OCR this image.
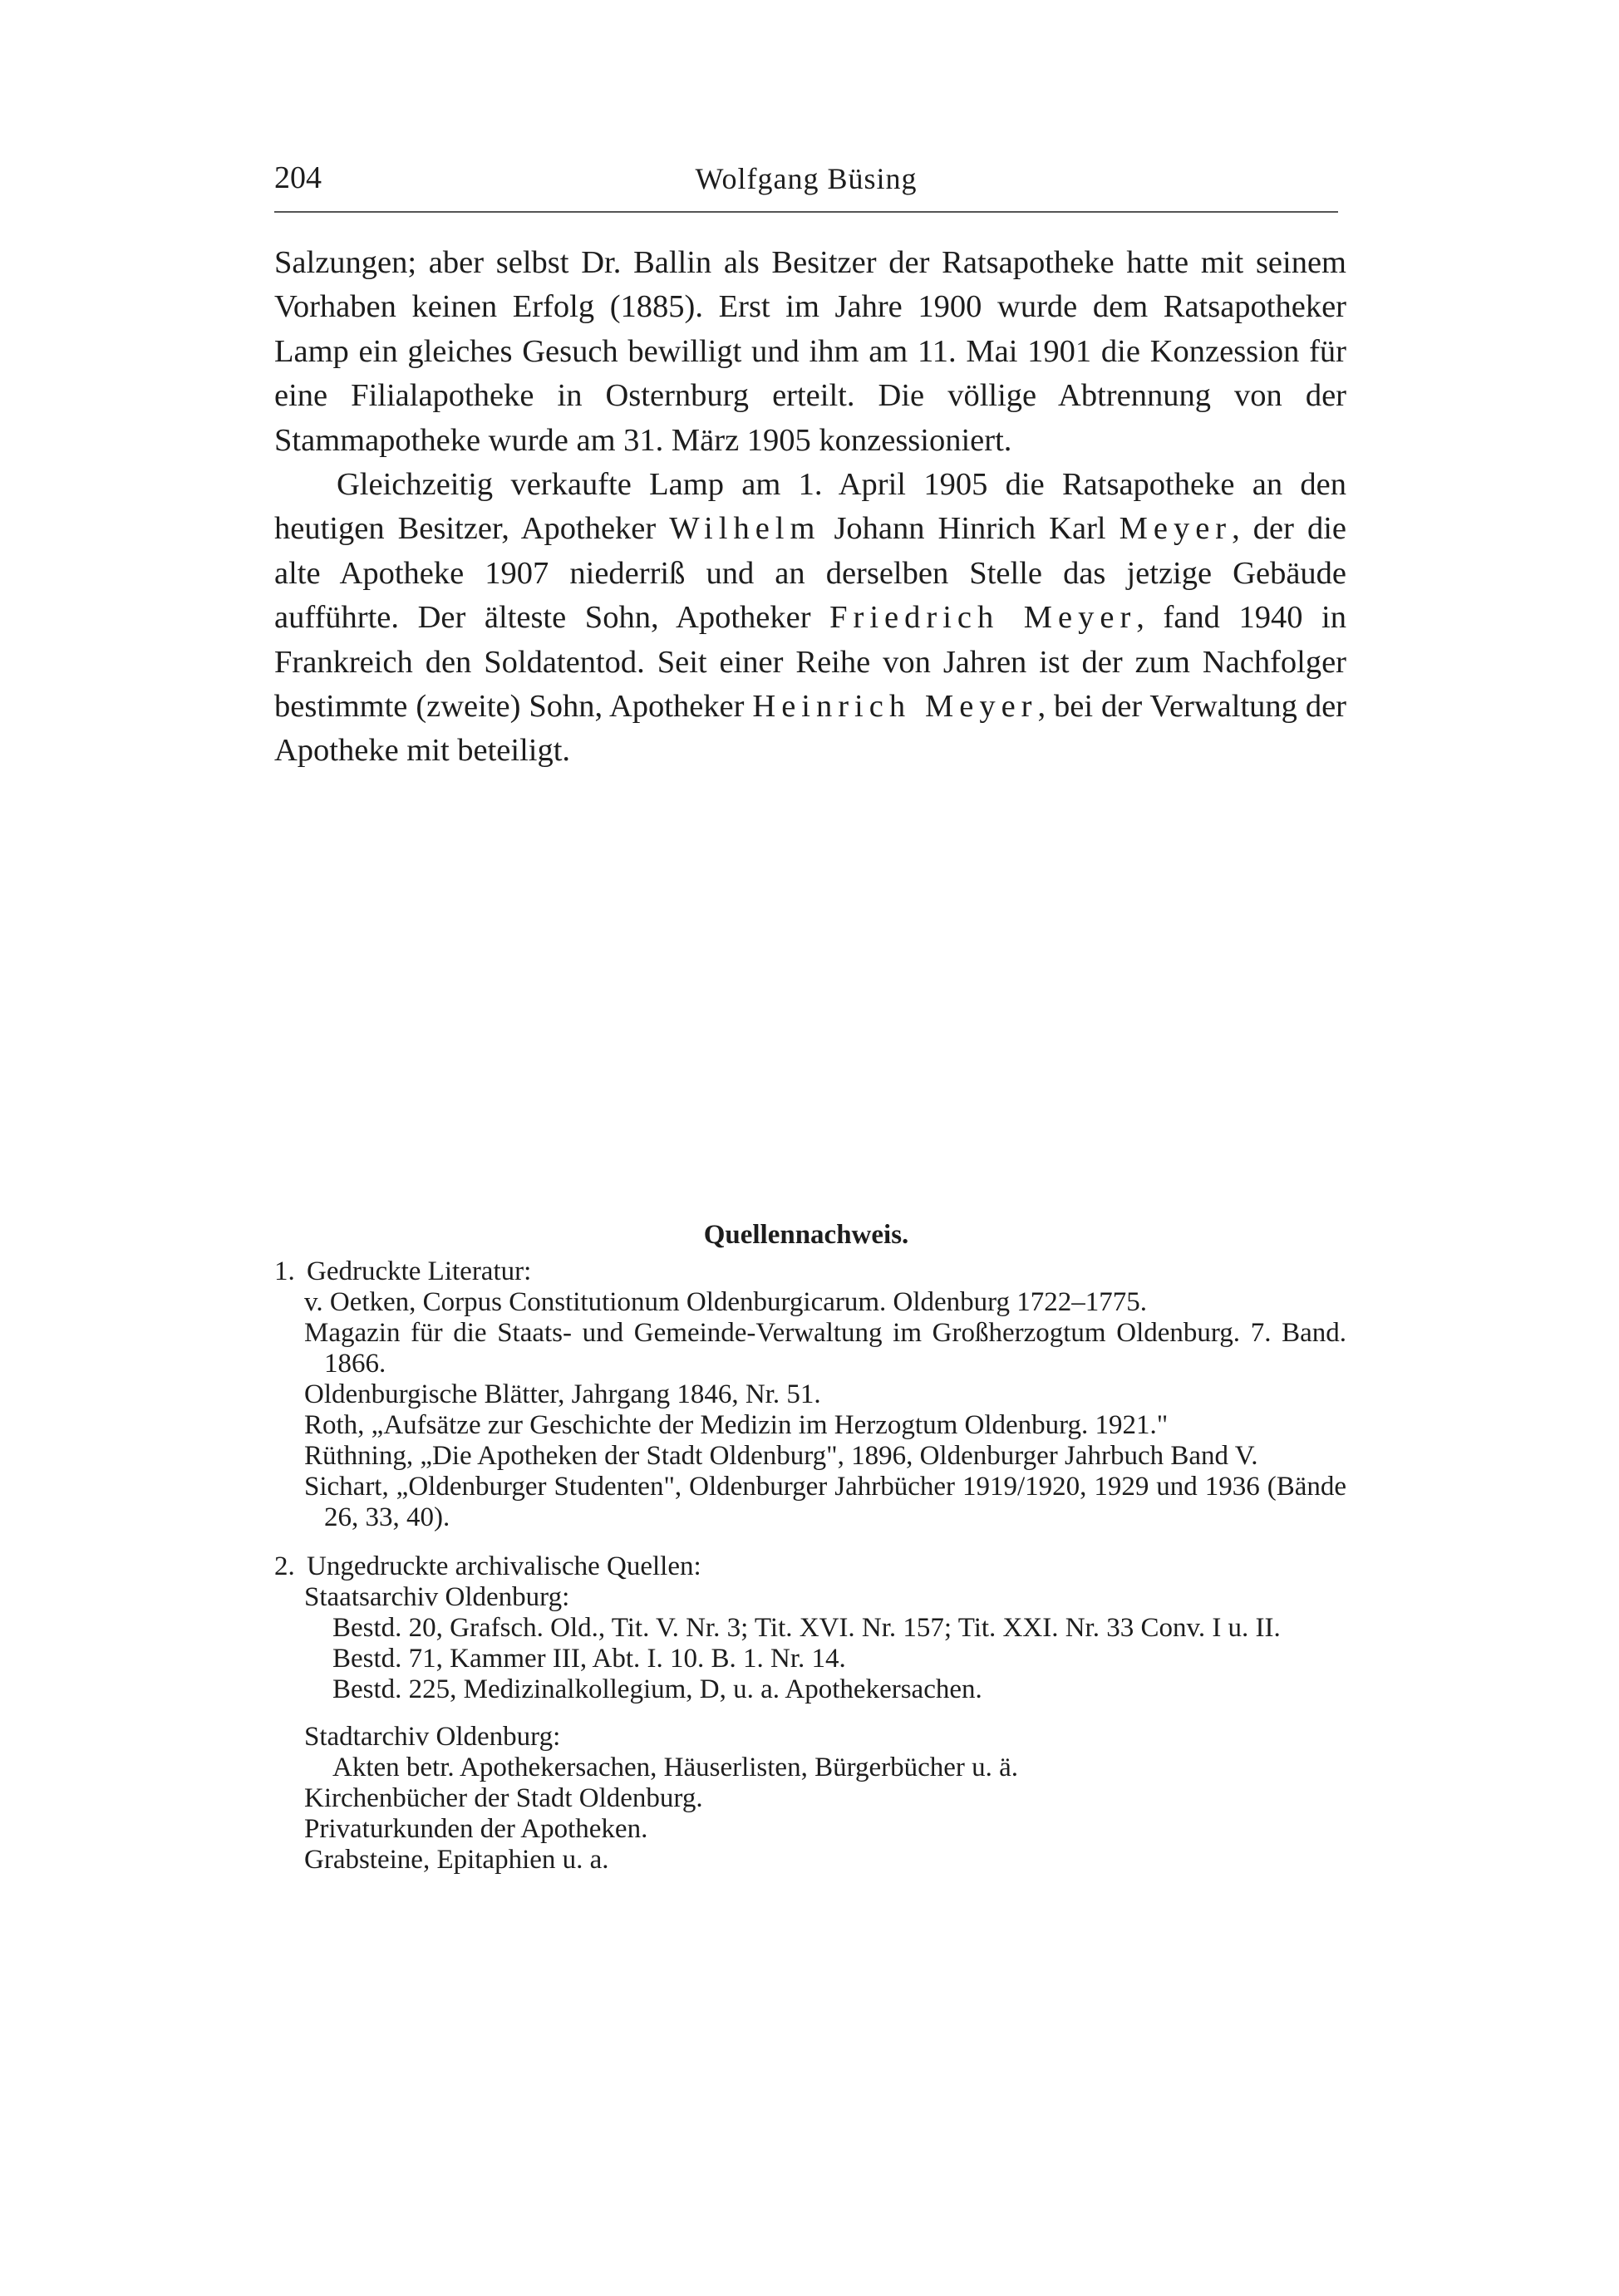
204	Wolfgang Büsing

Salzungen; aber selbst Dr. Ballin als Besitzer der Ratsapotheke hatte mit seinem Vorhaben keinen Erfolg (1885). Erst im Jahre 1900 wurde dem Ratsapotheker Lamp ein gleiches Gesuch bewilligt und ihm am 11. Mai 1901 die Konzession für eine Filialapotheke in Osternburg erteilt. Die völlige Abtrennung von der Stammapotheke wurde am 31. März 1905 konzessioniert.

Gleichzeitig verkaufte Lamp am 1. April 1905 die Ratsapotheke an den heutigen Besitzer, Apotheker Wilhelm Johann Hinrich Karl Meyer, der die alte Apotheke 1907 niederriß und an derselben Stelle das jetzige Gebäude aufführte. Der älteste Sohn, Apotheker Friedrich Meyer, fand 1940 in Frankreich den Soldatentod. Seit einer Reihe von Jahren ist der zum Nachfolger bestimmte (zweite) Sohn, Apotheker Heinrich Meyer, bei der Verwaltung der Apotheke mit beteiligt.

Quellennachweis.
1. Gedruckte Literatur:

v. Oetken, Corpus Constitutionum Oldenburgicarum. Oldenburg 1722–1775.

Magazin für die Staats- und Gemeinde-Verwaltung im Großherzogtum Oldenburg. 7. Band. 1866.

Oldenburgische Blätter, Jahrgang 1846, Nr. 51.

Roth, „Aufsätze zur Geschichte der Medizin im Herzogtum Oldenburg. 1921."

Rüthning, „Die Apotheken der Stadt Oldenburg", 1896, Oldenburger Jahrbuch Band V.

Sichart, „Oldenburger Studenten", Oldenburger Jahrbücher 1919/1920, 1929 und 1936 (Bände 26, 33, 40).

2. Ungedruckte archivalische Quellen:

Staatsarchiv Oldenburg:

Bestd. 20, Grafsch. Old., Tit. V. Nr. 3; Tit. XVI. Nr. 157; Tit. XXI. Nr. 33 Conv. I u. II.

Bestd. 71, Kammer III, Abt. I. 10. B. 1. Nr. 14.

Bestd. 225, Medizinalkollegium, D, u. a. Apothekersachen.

Stadtarchiv Oldenburg:

Akten betr. Apothekersachen, Häuserlisten, Bürgerbücher u. ä.

Kirchenbücher der Stadt Oldenburg.

Privaturkunden der Apotheken.

Grabsteine, Epitaphien u. a.
